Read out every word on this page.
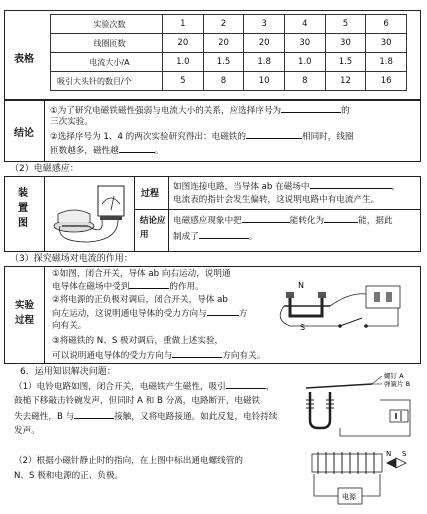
表格
实验次数	1	2	3	4	5	6
线圈匝数	20	20	20	30	30	30
电流大小/A	1.0	1.5	1.8	1.0	1.5	1.8
吸引大头针的数目/个	5	8	10	8	12	16
结论
①为了研究电磁铁磁性强弱与电流大小的关系，应选择序号为	的
三次实验。
②选择序号为 1、4 的两次实验研究得出：电磁铁的	相同时，线圈
匝数越多，磁性越	。
（2）电磁感应：
装置图
过程
如图连接电路，当导体 ab 在磁场中	，
电流表的指针会发生偏转，这说明电路中有电流产生。
结论应用
电磁感应现象中把	能转化为	能，据此
制成了	。
（3）探究磁场对电流的作用：
实验过程
①如图，闭合开关，导体 ab 向右运动，说明通
电导体在磁场中受到	的作用。
②将电源的正负极对调后，闭合开关，导体 ab
向左运动，这说明通电导体的受力方向与	方
向有关。
③将磁铁的 N、S 极对调后，重做上述实验，
可以说明通电导体的受力方向与	方向有关。
N
S
6．运用知识解决问题：
（1）电铃电路如图，闭合开关，电磁铁产生磁性，吸引	，
鼓槌下移敲击铃碗发声，但同时 A 和 B 分离，电路断开，电磁铁
失去磁性，B 与	接触，又将电路接通。如此反复，电铃持续
发声。
螺钉 A
弹簧片 B
（2）根据小磁针静止时的指向，在上图中标出通电螺线管的
N、S 极和电源的正、负极。
N S
电源
